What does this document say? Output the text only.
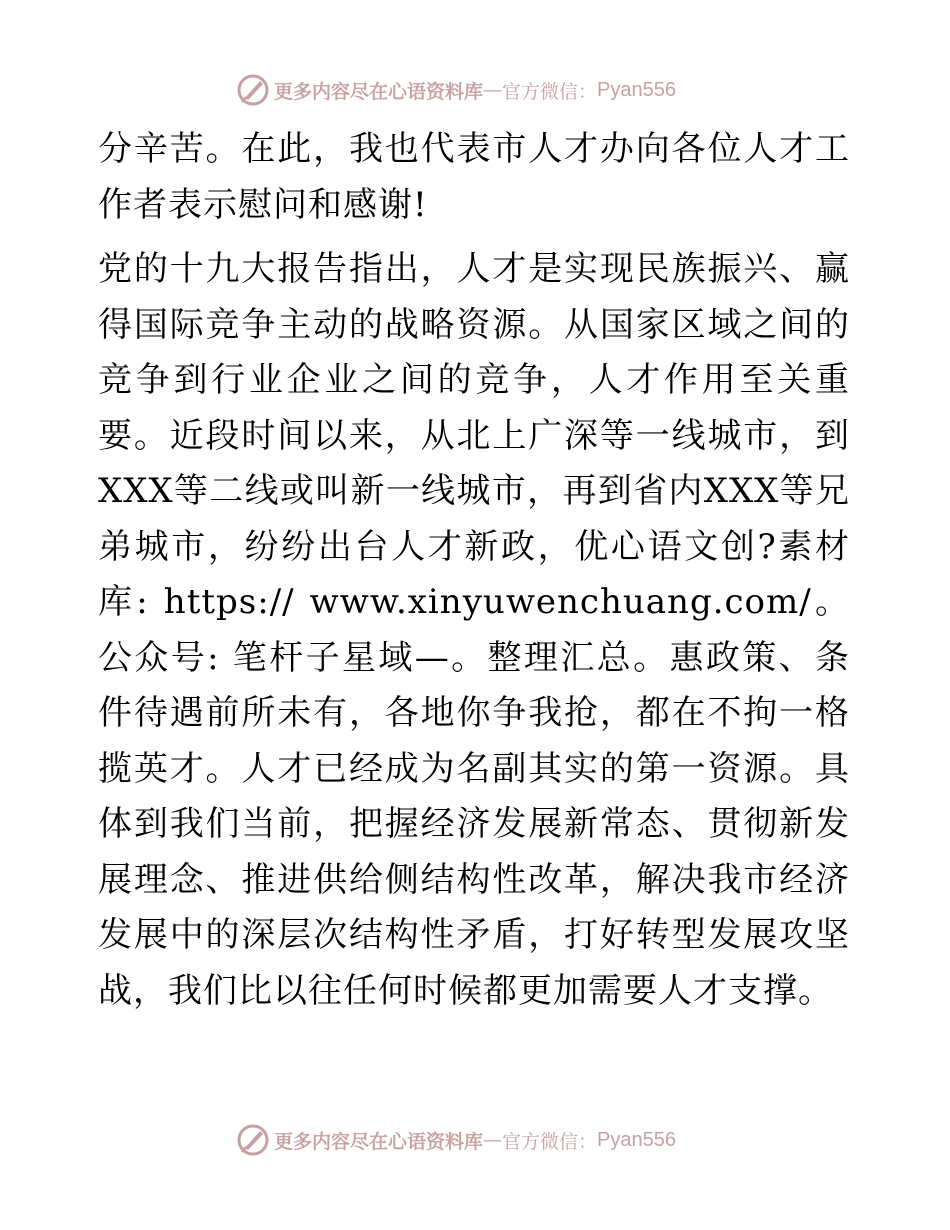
更多内容尽在心语资料库 — 官方微信： Pyan556

分辛苦。在此，我也代表市人才办向各位人才工作者表示慰问和感谢!

党的十九大报告指出，人才是实现民族振兴、赢得国际竞争主动的战略资源。从国家区域之间的竞争到行业企业之间的竞争，人才作用至关重要。近段时间以来，从北上广深等一线城市，到XXX等二线或叫新一线城市，再到省内XXX等兄弟城市，纷纷出台人才新政，优心语文创?素材库: https:// www.xinyuwenchuang.com/。公众号: 笔杆子星域—。整理汇总。惠政策、条件待遇前所未有，各地你争我抢，都在不拘一格揽英才。人才已经成为名副其实的第一资源。具体到我们当前，把握经济发展新常态、贯彻新发展理念、推进供给侧结构性改革，解决我市经济发展中的深层次结构性矛盾，打好转型发展攻坚战，我们比以往任何时候都更加需要人才支撑。

更多内容尽在心语资料库 — 官方微信： Pyan556
